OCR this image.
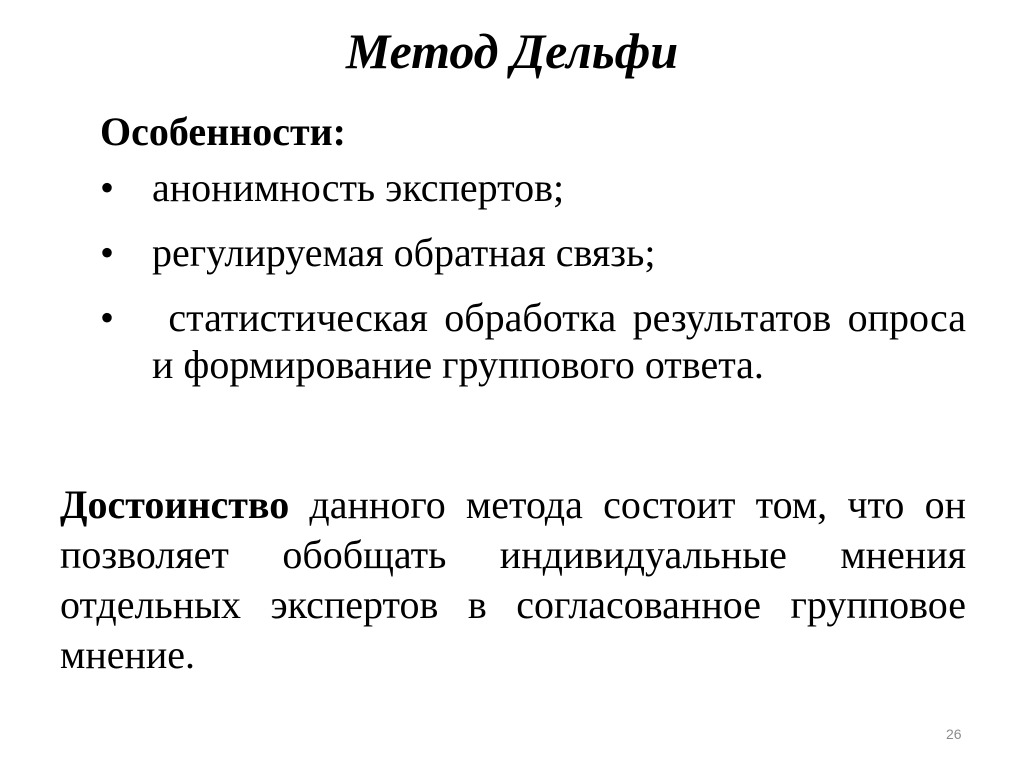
Метод Дельфи
Особенности:
• анонимность экспертов;
• регулируемая обратная связь;
• статистическая обработка результатов опроса и формирование группового ответа.

Достоинство данного метода состоит том, что он позволяет обобщать индивидуальные мнения отдельных экспертов в согласованное групповое мнение.

26
